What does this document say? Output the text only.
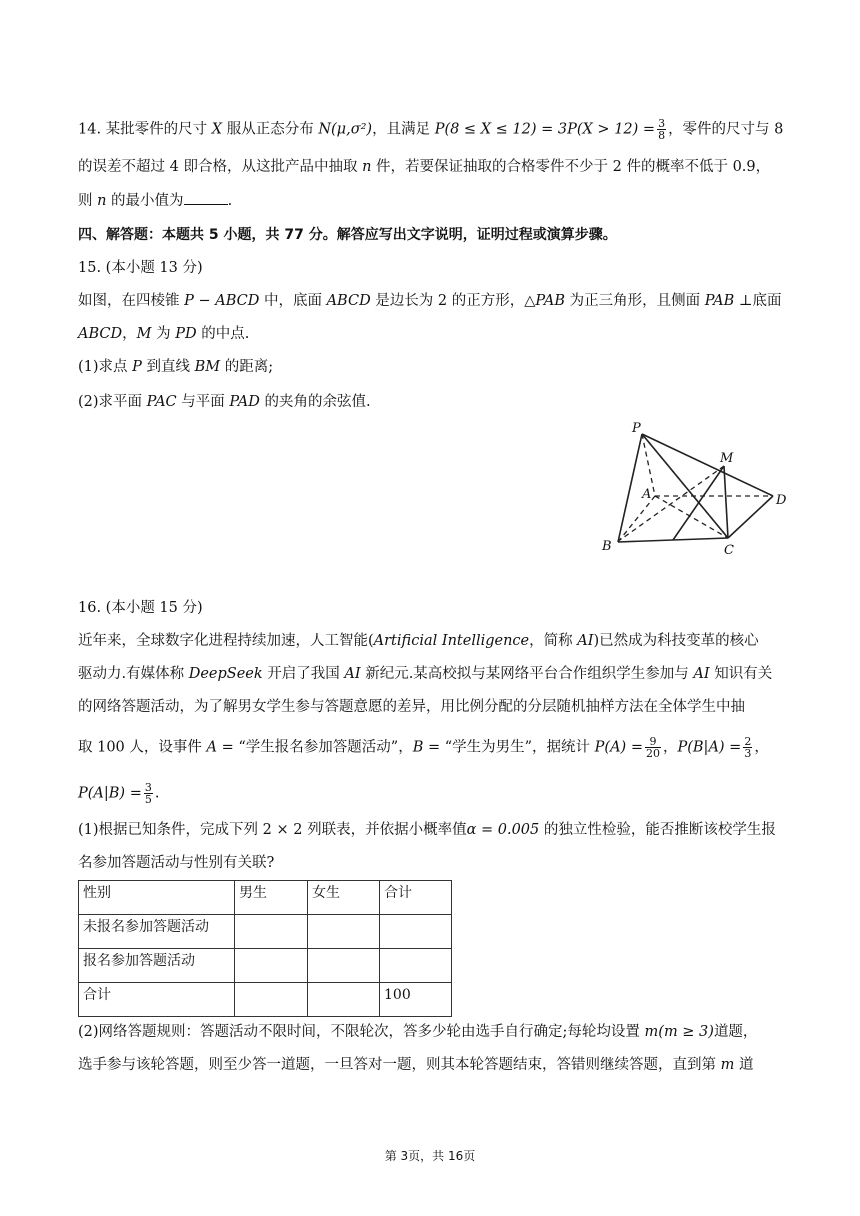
14. 某批零件的尺寸 X 服从正态分布 N(μ,σ²)，且满足 $P(8 \le X \le 12) = 3P(X > 12) = \frac{3}{8}$ ，零件的尺寸与 8
的误差不超过 4 即合格，从这批产品中抽取 n 件，若要保证抽取的合格零件不少于 2 件的概率不低于 0.9，
则 n 的最小值为	.
四、解答题：本题共 5 小题，共 77 分。解答应写出文字说明，证明过程或演算步骤。
15. (本小题 13 分)
如图，在四棱锥 P − ABCD 中，底面 ABCD 是边长为 2 的正方形，△PAB 为正三角形，且侧面 PAB ⊥底面
ABCD，M 为 PD 的中点.
(1)求点 P 到直线 BM 的距离;
(2)求平面 PAC 与平面 PAD 的夹角的余弦值.
P
M
A	D
B	C
16. (本小题 15 分)
近年来，全球数字化进程持续加速，人工智能(Artificial Intelligence，简称 AI)已然成为科技变革的核心
驱动力.有媒体称 DeepSeek 开启了我国 AI 新纪元.某高校拟与某网络平台合作组织学生参加与 AI 知识有关
的网络答题活动，为了解男女学生参与答题意愿的差异，用比例分配的分层随机抽样方法在全体学生中抽
取 100 人，设事件 A = “学生报名参加答题活动”，B = “学生为男生”，据统计 $P(A) = \frac{9}{20}$ ，$P(B|A) = \frac{2}{3}$ ，
$P(A|B) = \frac{3}{5}$ .
(1)根据已知条件，完成下列 2 × 2 列联表，并依据小概率值α = 0.005 的独立性检验，能否推断该校学生报
名参加答题活动与性别有关联?
性别	男生	女生	合计
未报名参加答题活动			
报名参加答题活动			
合计			100
(2)网络答题规则：答题活动不限时间，不限轮次，答多少轮由选手自行确定;每轮均设置 m(m ≥ 3)道题，
选手参与该轮答题，则至少答一道题，一旦答对一题，则其本轮答题结束，答错则继续答题，直到第 m 道
第 3页，共 16页
